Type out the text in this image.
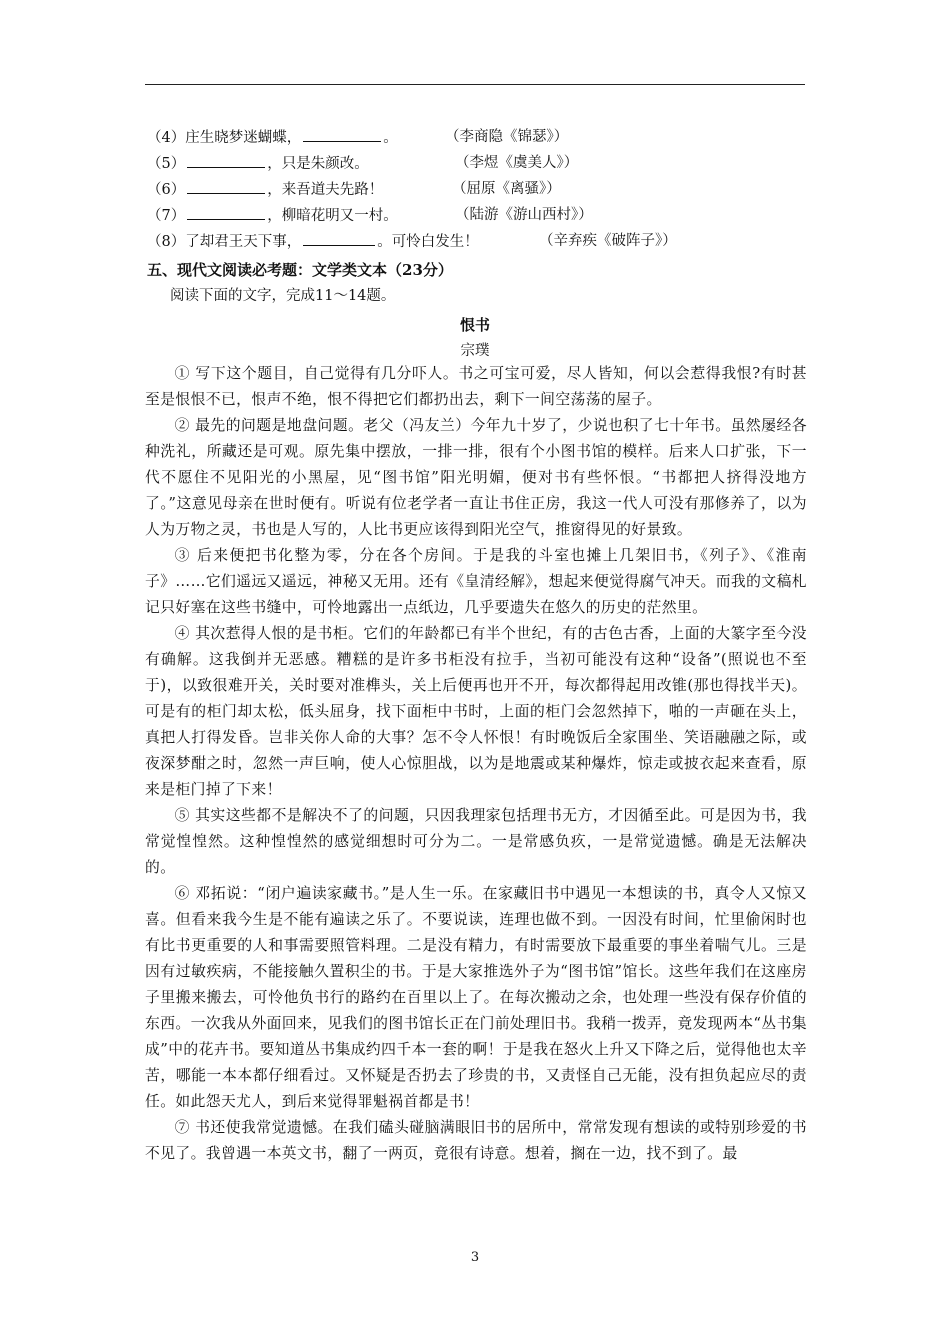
（4）庄生晓梦迷蝴蝶，	。	（李商隐《锦瑟》）
（5）	，只是朱颜改。	（李煜《虞美人》）
（6）	，来吾道夫先路！	（屈原《离骚》）
（7）	，柳暗花明又一村。	（陆游《游山西村》）
（8）了却君王天下事，	。可怜白发生！	（辛弃疾《破阵子》）
五、现代文阅读必考题：文学类文本（23分）
阅读下面的文字，完成11～14题。
恨书
宗璞

① 写下这个题目，自己觉得有几分吓人。书之可宝可爱，尽人皆知，何以会惹得我恨?有时甚至是恨恨不已，恨声不绝，恨不得把它们都扔出去，剩下一间空荡荡的屋子。

② 最先的问题是地盘问题。老父（冯友兰）今年九十岁了，少说也积了七十年书。虽然屡经各种洗礼，所藏还是可观。原先集中摆放，一排一排，很有个小图书馆的模样。后来人口扩张，下一代不愿住不见阳光的小黑屋，见“图书馆”阳光明媚，便对书有些怀恨。“书都把人挤得没地方了。”这意见母亲在世时便有。听说有位老学者一直让书住正房，我这一代人可没有那修养了，以为人为万物之灵，书也是人写的，人比书更应该得到阳光空气，推窗得见的好景致。

③ 后来便把书化整为零，分在各个房间。于是我的斗室也摊上几架旧书，《列子》、《淮南子》……它们遥远又遥远，神秘又无用。还有《皇清经解》，想起来便觉得腐气冲天。而我的文稿札记只好塞在这些书缝中，可怜地露出一点纸边，几乎要遗失在悠久的历史的茫然里。

④ 其次惹得人恨的是书柜。它们的年龄都已有半个世纪，有的古色古香，上面的大篆字至今没有确解。这我倒并无恶感。糟糕的是许多书柜没有拉手，当初可能没有这种“设备”(照说也不至于)，以致很难开关，关时要对准榫头，关上后便再也开不开，每次都得起用改锥(那也得找半天)。可是有的柜门却太松，低头屈身，找下面柜中书时，上面的柜门会忽然掉下，啪的一声砸在头上，真把人打得发昏。岂非关你人命的大事？怎不令人怀恨！有时晚饭后全家围坐、笑语融融之际，或夜深梦酣之时，忽然一声巨响，使人心惊胆战，以为是地震或某种爆炸，惊走或披衣起来查看，原来是柜门掉了下来！

⑤ 其实这些都不是解决不了的问题，只因我理家包括理书无方，才因循至此。可是因为书，我常觉惶惶然。这种惶惶然的感觉细想时可分为二。一是常感负疚，一是常觉遗憾。确是无法解决的。

⑥ 邓拓说：“闭户遍读家藏书。”是人生一乐。在家藏旧书中遇见一本想读的书，真令人又惊又喜。但看来我今生是不能有遍读之乐了。不要说读，连理也做不到。一因没有时间，忙里偷闲时也有比书更重要的人和事需要照管料理。二是没有精力，有时需要放下最重要的事坐着喘气儿。三是因有过敏疾病，不能接触久置积尘的书。于是大家推选外子为“图书馆”馆长。这些年我们在这座房子里搬来搬去，可怜他负书行的路约在百里以上了。在每次搬动之余，也处理一些没有保存价值的东西。一次我从外面回来，见我们的图书馆长正在门前处理旧书。我稍一拨弄，竟发现两本“丛书集成”中的花卉书。要知道丛书集成约四千本一套的啊！于是我在怒火上升又下降之后，觉得他也太辛苦，哪能一本本都仔细看过。又怀疑是否扔去了珍贵的书，又责怪自己无能，没有担负起应尽的责任。如此怨天尤人，到后来觉得罪魁祸首都是书！

⑦ 书还使我常觉遗憾。在我们磕头碰脑满眼旧书的居所中，常常发现有想读的或特别珍爱的书不见了。我曾遇一本英文书，翻了一两页，竟很有诗意。想着，搁在一边，找不到了。最

3
